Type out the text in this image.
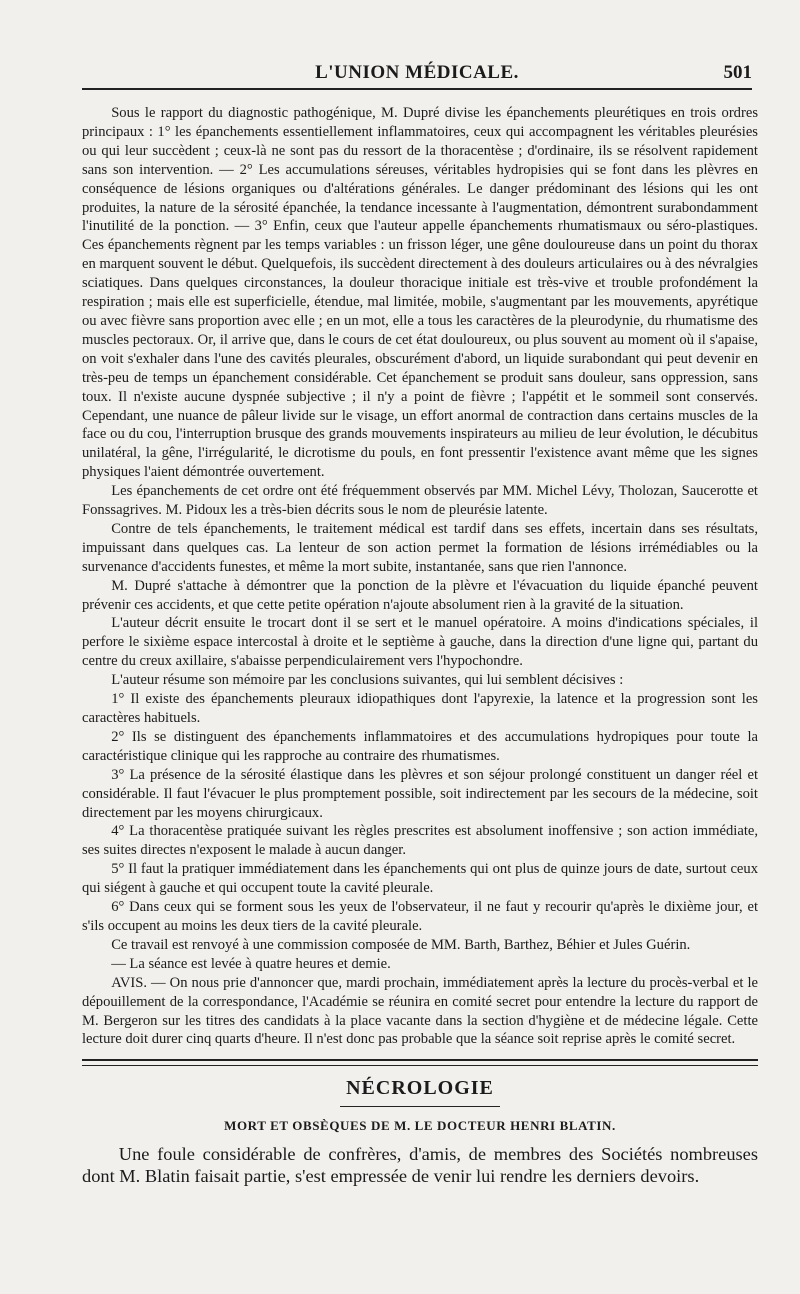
L'UNION MÉDICALE.	501

Sous le rapport du diagnostic pathogénique, M. Dupré divise les épanchements pleurétiques en trois ordres principaux : 1° les épanchements essentiellement inflammatoires, ceux qui accompagnent les véritables pleurésies ou qui leur succèdent ; ceux-là ne sont pas du ressort de la thoracentèse ; d'ordinaire, ils se résolvent rapidement sans son intervention. — 2° Les accumulations séreuses, véritables hydropisies qui se font dans les plèvres en conséquence de lésions organiques ou d'altérations générales. Le danger prédominant des lésions qui les ont produites, la nature de la sérosité épanchée, la tendance incessante à l'augmentation, démontrent surabondamment l'inutilité de la ponction. — 3° Enfin, ceux que l'auteur appelle épanchements rhumatismaux ou séro-plastiques. Ces épanchements règnent par les temps variables : un frisson léger, une gêne douloureuse dans un point du thorax en marquent souvent le début. Quelquefois, ils succèdent directement à des douleurs articulaires ou à des névralgies sciatiques. Dans quelques circonstances, la douleur thoracique initiale est très-vive et trouble profondément la respiration ; mais elle est superficielle, étendue, mal limitée, mobile, s'augmentant par les mouvements, apyrétique ou avec fièvre sans proportion avec elle ; en un mot, elle a tous les caractères de la pleurodynie, du rhumatisme des muscles pectoraux. Or, il arrive que, dans le cours de cet état douloureux, ou plus souvent au moment où il s'apaise, on voit s'exhaler dans l'une des cavités pleurales, obscurément d'abord, un liquide surabondant qui peut devenir en très-peu de temps un épanchement considérable. Cet épanchement se produit sans douleur, sans oppression, sans toux. Il n'existe aucune dyspnée subjective ; il n'y a point de fièvre ; l'appétit et le sommeil sont conservés. Cependant, une nuance de pâleur livide sur le visage, un effort anormal de contraction dans certains muscles de la face ou du cou, l'interruption brusque des grands mouvements inspirateurs au milieu de leur évolution, le décubitus unilatéral, la gêne, l'irrégularité, le dicrotisme du pouls, en font pressentir l'existence avant même que les signes physiques l'aient démontrée ouvertement.

Les épanchements de cet ordre ont été fréquemment observés par MM. Michel Lévy, Tholozan, Saucerotte et Fonssagrives. M. Pidoux les a très-bien décrits sous le nom de pleurésie latente.

Contre de tels épanchements, le traitement médical est tardif dans ses effets, incertain dans ses résultats, impuissant dans quelques cas. La lenteur de son action permet la formation de lésions irrémédiables ou la survenance d'accidents funestes, et même la mort subite, instantanée, sans que rien l'annonce.

M. Dupré s'attache à démontrer que la ponction de la plèvre et l'évacuation du liquide épanché peuvent prévenir ces accidents, et que cette petite opération n'ajoute absolument rien à la gravité de la situation.

L'auteur décrit ensuite le trocart dont il se sert et le manuel opératoire. A moins d'indications spéciales, il perfore le sixième espace intercostal à droite et le septième à gauche, dans la direction d'une ligne qui, partant du centre du creux axillaire, s'abaisse perpendiculairement vers l'hypochondre.

L'auteur résume son mémoire par les conclusions suivantes, qui lui semblent décisives :

1° Il existe des épanchements pleuraux idiopathiques dont l'apyrexie, la latence et la progression sont les caractères habituels.

2° Ils se distinguent des épanchements inflammatoires et des accumulations hydropiques pour toute la caractéristique clinique qui les rapproche au contraire des rhumatismes.

3° La présence de la sérosité élastique dans les plèvres et son séjour prolongé constituent un danger réel et considérable. Il faut l'évacuer le plus promptement possible, soit indirectement par les secours de la médecine, soit directement par les moyens chirurgicaux.

4° La thoracentèse pratiquée suivant les règles prescrites est absolument inoffensive ; son action immédiate, ses suites directes n'exposent le malade à aucun danger.

5° Il faut la pratiquer immédiatement dans les épanchements qui ont plus de quinze jours de date, surtout ceux qui siégent à gauche et qui occupent toute la cavité pleurale.

6° Dans ceux qui se forment sous les yeux de l'observateur, il ne faut y recourir qu'après le dixième jour, et s'ils occupent au moins les deux tiers de la cavité pleurale.

Ce travail est renvoyé à une commission composée de MM. Barth, Barthez, Béhier et Jules Guérin.

— La séance est levée à quatre heures et demie.

AVIS. — On nous prie d'annoncer que, mardi prochain, immédiatement après la lecture du procès-verbal et le dépouillement de la correspondance, l'Académie se réunira en comité secret pour entendre la lecture du rapport de M. Bergeron sur les titres des candidats à la place vacante dans la section d'hygiène et de médecine légale. Cette lecture doit durer cinq quarts d'heure. Il n'est donc pas probable que la séance soit reprise après le comité secret.

NÉCROLOGIE
MORT ET OBSÈQUES DE M. LE DOCTEUR HENRI BLATIN.
Une foule considérable de confrères, d'amis, de membres des Sociétés nombreuses dont M. Blatin faisait partie, s'est empressée de venir lui rendre les derniers devoirs.
